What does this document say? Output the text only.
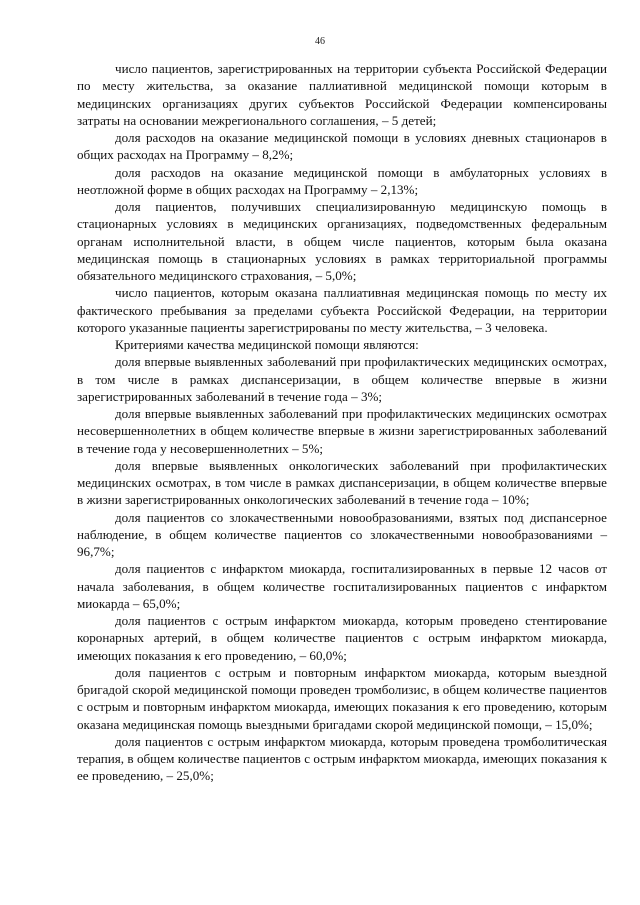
46

число пациентов, зарегистрированных на территории субъекта Российской Федерации по месту жительства, за оказание паллиативной медицинской помощи которым в медицинских организациях других субъектов Российской Федерации компенсированы затраты на основании межрегионального соглашения, – 5 детей;

доля расходов на оказание медицинской помощи в условиях дневных стационаров в общих расходах на Программу – 8,2%;

доля расходов на оказание медицинской помощи в амбулаторных условиях в неотложной форме в общих расходах на Программу – 2,13%;

доля пациентов, получивших специализированную медицинскую помощь в стационарных условиях в медицинских организациях, подведомственных федеральным органам исполнительной власти, в общем числе пациентов, которым была оказана медицинская помощь в стационарных условиях в рамках территориальной программы обязательного медицинского страхования, – 5,0%;

число пациентов, которым оказана паллиативная медицинская помощь по месту их фактического пребывания за пределами субъекта Российской Федерации, на территории которого указанные пациенты зарегистрированы по месту жительства, – 3 человека.

Критериями качества медицинской помощи являются:

доля впервые выявленных заболеваний при профилактических медицинских осмотрах, в том числе в рамках диспансеризации, в общем количестве впервые в жизни зарегистрированных заболеваний в течение года – 3%;

доля впервые выявленных заболеваний при профилактических медицинских осмотрах несовершеннолетних в общем количестве впервые в жизни зарегистрированных заболеваний в течение года у несовершеннолетних – 5%;

доля впервые выявленных онкологических заболеваний при профилактических медицинских осмотрах, в том числе в рамках диспансеризации, в общем количестве впервые в жизни зарегистрированных онкологических заболеваний в течение года – 10%;

доля пациентов со злокачественными новообразованиями, взятых под диспансерное наблюдение, в общем количестве пациентов со злокачественными новообразованиями – 96,7%;

доля пациентов с инфарктом миокарда, госпитализированных в первые 12 часов от начала заболевания, в общем количестве госпитализированных пациентов с инфарктом миокарда – 65,0%;

доля пациентов с острым инфарктом миокарда, которым проведено стентирование коронарных артерий, в общем количестве пациентов с острым инфарктом миокарда, имеющих показания к его проведению, – 60,0%;

доля пациентов с острым и повторным инфарктом миокарда, которым выездной бригадой скорой медицинской помощи проведен тромболизис, в общем количестве пациентов с острым и повторным инфарктом миокарда, имеющих показания к его проведению, которым оказана медицинская помощь выездными бригадами скорой медицинской помощи, – 15,0%;

доля пациентов с острым инфарктом миокарда, которым проведена тромболитическая терапия, в общем количестве пациентов с острым инфарктом миокарда, имеющих показания к ее проведению, – 25,0%;
